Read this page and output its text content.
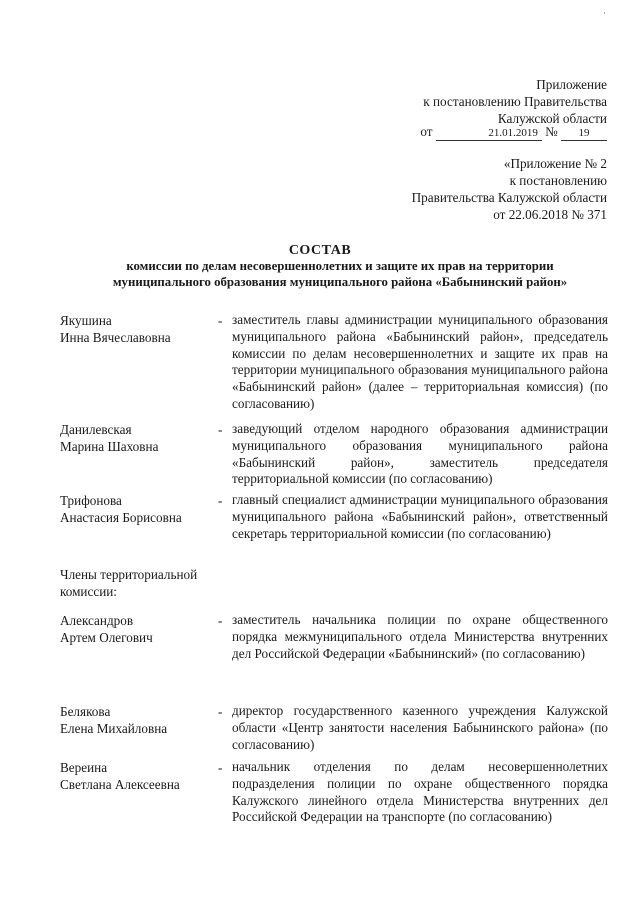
·
Приложение
к постановлению Правительства
Калужской области
от	21.01.2019 № 19
«Приложение № 2
к постановлению
Правительства Калужской области
от 22.06.2018 № 371
СОСТАВ
комиссии по делам несовершеннолетних и защите их прав на территории
муниципального образования муниципального района «Бабынинский район»
Якушина
Инна Вячеславовна
- заместитель главы администрации муниципального образования муниципального района «Бабынинский район», председатель комиссии по делам несовершеннолетних и защите их прав на территории муниципального образования муниципального района «Бабынинский район» (далее – территориальная комиссия) (по согласованию)
Данилевская
Марина Шаховна
- заведующий отделом народного образования администрации муниципального образования муниципального района «Бабынинский район», заместитель председателя территориальной комиссии (по согласованию)
Трифонова
Анастасия Борисовна
- главный специалист администрации муниципального образования муниципального района «Бабынинский район», ответственный секретарь территориальной комиссии (по согласованию)
Члены территориальной
комиссии:
Александров
Артем Олегович
- заместитель начальника полиции по охране общественного порядка межмуниципального отдела Министерства внутренних дел Российской Федерации «Бабынинский» (по согласованию)
Белякова
Елена Михайловна
- директор государственного казенного учреждения Калужской области «Центр занятости населения Бабынинского района» (по согласованию)
Вереина
Светлана Алексеевна
- начальник отделения по делам несовершеннолетних подразделения полиции по охране общественного порядка Калужского линейного отдела Министерства внутренних дел Российской Федерации на транспорте (по согласованию)
